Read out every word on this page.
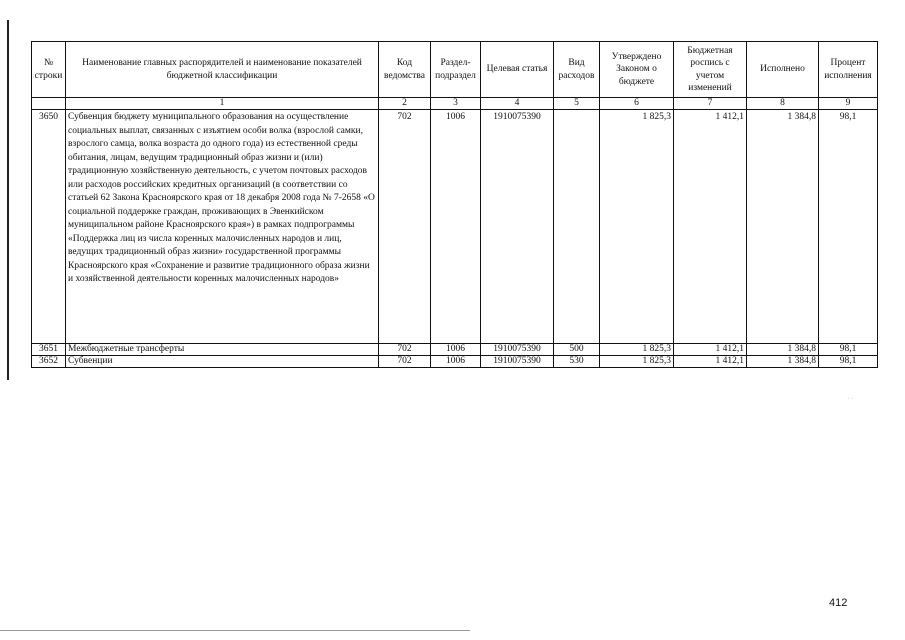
№ строки	Наименование главных распорядителей и наименование показателей бюджетной классификации	Код ведомства	Раздел-подраздел	Целевая статья	Вид расходов	Утверждено Законом о бюджете	Бюджетная роспись с учетом изменений	Исполнено	Процент исполнения
	1	2	3	4	5	6	7	8	9
3650	Субвенция бюджету муниципального образования на осуществление социальных выплат, связанных с изъятием особи волка (взрослой самки, взрослого самца, волка возраста до одного года) из естественной среды обитания, лицам, ведущим традиционный образ жизни и (или) традиционную хозяйственную деятельность, с учетом почтовых расходов или расходов российских кредитных организаций (в соответствии со статьей 62 Закона Красноярского края от 18 декабря 2008 года № 7-2658 «О социальной поддержке граждан, проживающих в Эвенкийском муниципальном районе Красноярского края») в рамках подпрограммы «Поддержка лиц из числа коренных малочисленных народов и лиц, ведущих традиционный образ жизни» государственной программы Красноярского края «Сохранение и развитие традиционного образа жизни и хозяйственной деятельности коренных малочисленных народов»	702	1006	1910075390		1 825,3	1 412,1	1 384,8	98,1
3651	Межбюджетные трансферты	702	1006	1910075390	500	1 825,3	1 412,1	1 384,8	98,1
3652	Субвенции	702	1006	1910075390	530	1 825,3	1 412,1	1 384,8	98,1
· ·
412
